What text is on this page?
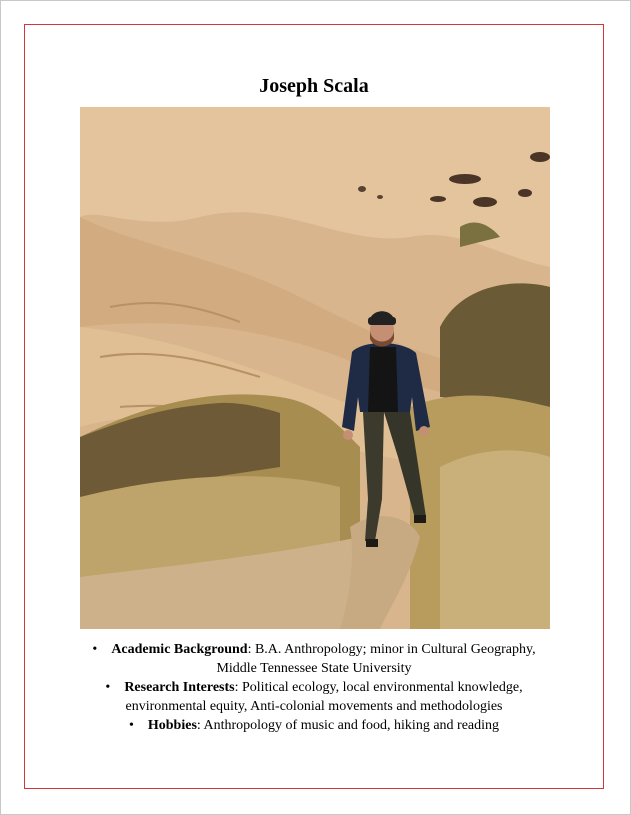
Joseph Scala

• Academic Background: B.A. Anthropology; minor in Cultural Geography,

Middle Tennessee State University

• Research Interests: Political ecology, local environmental knowledge,

environmental equity, Anti-colonial movements and methodologies

• Hobbies: Anthropology of music and food, hiking and reading
